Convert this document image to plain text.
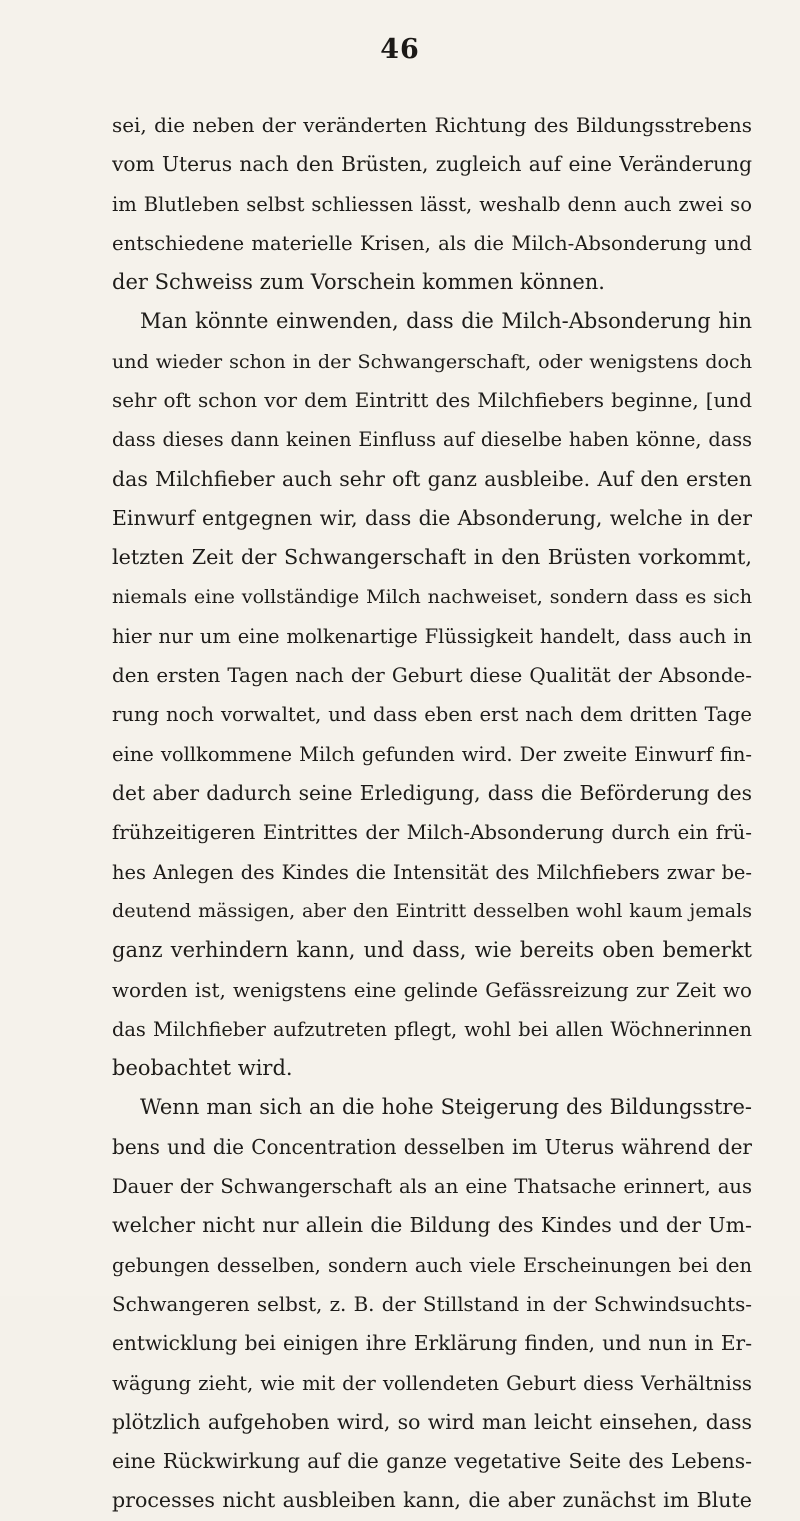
46
sei, die neben der veränderten Richtung des Bildungsstrebens
vom Uterus nach den Brüsten, zugleich auf eine Veränderung
im Blutleben selbst schliessen lässt, weshalb denn auch zwei so
entschiedene materielle Krisen, als die Milch-Absonderung und
der Schweiss zum Vorschein kommen können.
Man könnte einwenden, dass die Milch-Absonderung hin
und wieder schon in der Schwangerschaft, oder wenigstens doch
sehr oft schon vor dem Eintritt des Milchfiebers beginne, [und
dass dieses dann keinen Einfluss auf dieselbe haben könne, dass
das Milchfieber auch sehr oft ganz ausbleibe. Auf den ersten
Einwurf entgegnen wir, dass die Absonderung, welche in der
letzten Zeit der Schwangerschaft in den Brüsten vorkommt,
niemals eine vollständige Milch nachweiset, sondern dass es sich
hier nur um eine molkenartige Flüssigkeit handelt, dass auch in
den ersten Tagen nach der Geburt diese Qualität der Absonde-
rung noch vorwaltet, und dass eben erst nach dem dritten Tage
eine vollkommene Milch gefunden wird. Der zweite Einwurf fin-
det aber dadurch seine Erledigung, dass die Beförderung des
frühzeitigeren Eintrittes der Milch-Absonderung durch ein frü-
hes Anlegen des Kindes die Intensität des Milchfiebers zwar be-
deutend mässigen, aber den Eintritt desselben wohl kaum jemals
ganz verhindern kann, und dass, wie bereits oben bemerkt
worden ist, wenigstens eine gelinde Gefässreizung zur Zeit wo
das Milchfieber aufzutreten pflegt, wohl bei allen Wöchnerinnen
beobachtet wird.
Wenn man sich an die hohe Steigerung des Bildungsstre-
bens und die Concentration desselben im Uterus während der
Dauer der Schwangerschaft als an eine Thatsache erinnert, aus
welcher nicht nur allein die Bildung des Kindes und der Um-
gebungen desselben, sondern auch viele Erscheinungen bei den
Schwangeren selbst, z. B. der Stillstand in der Schwindsuchts-
entwicklung bei einigen ihre Erklärung finden, und nun in Er-
wägung zieht, wie mit der vollendeten Geburt diess Verhältniss
plötzlich aufgehoben wird, so wird man leicht einsehen, dass
eine Rückwirkung auf die ganze vegetative Seite des Lebens-
processes nicht ausbleiben kann, die aber zunächst im Blute
